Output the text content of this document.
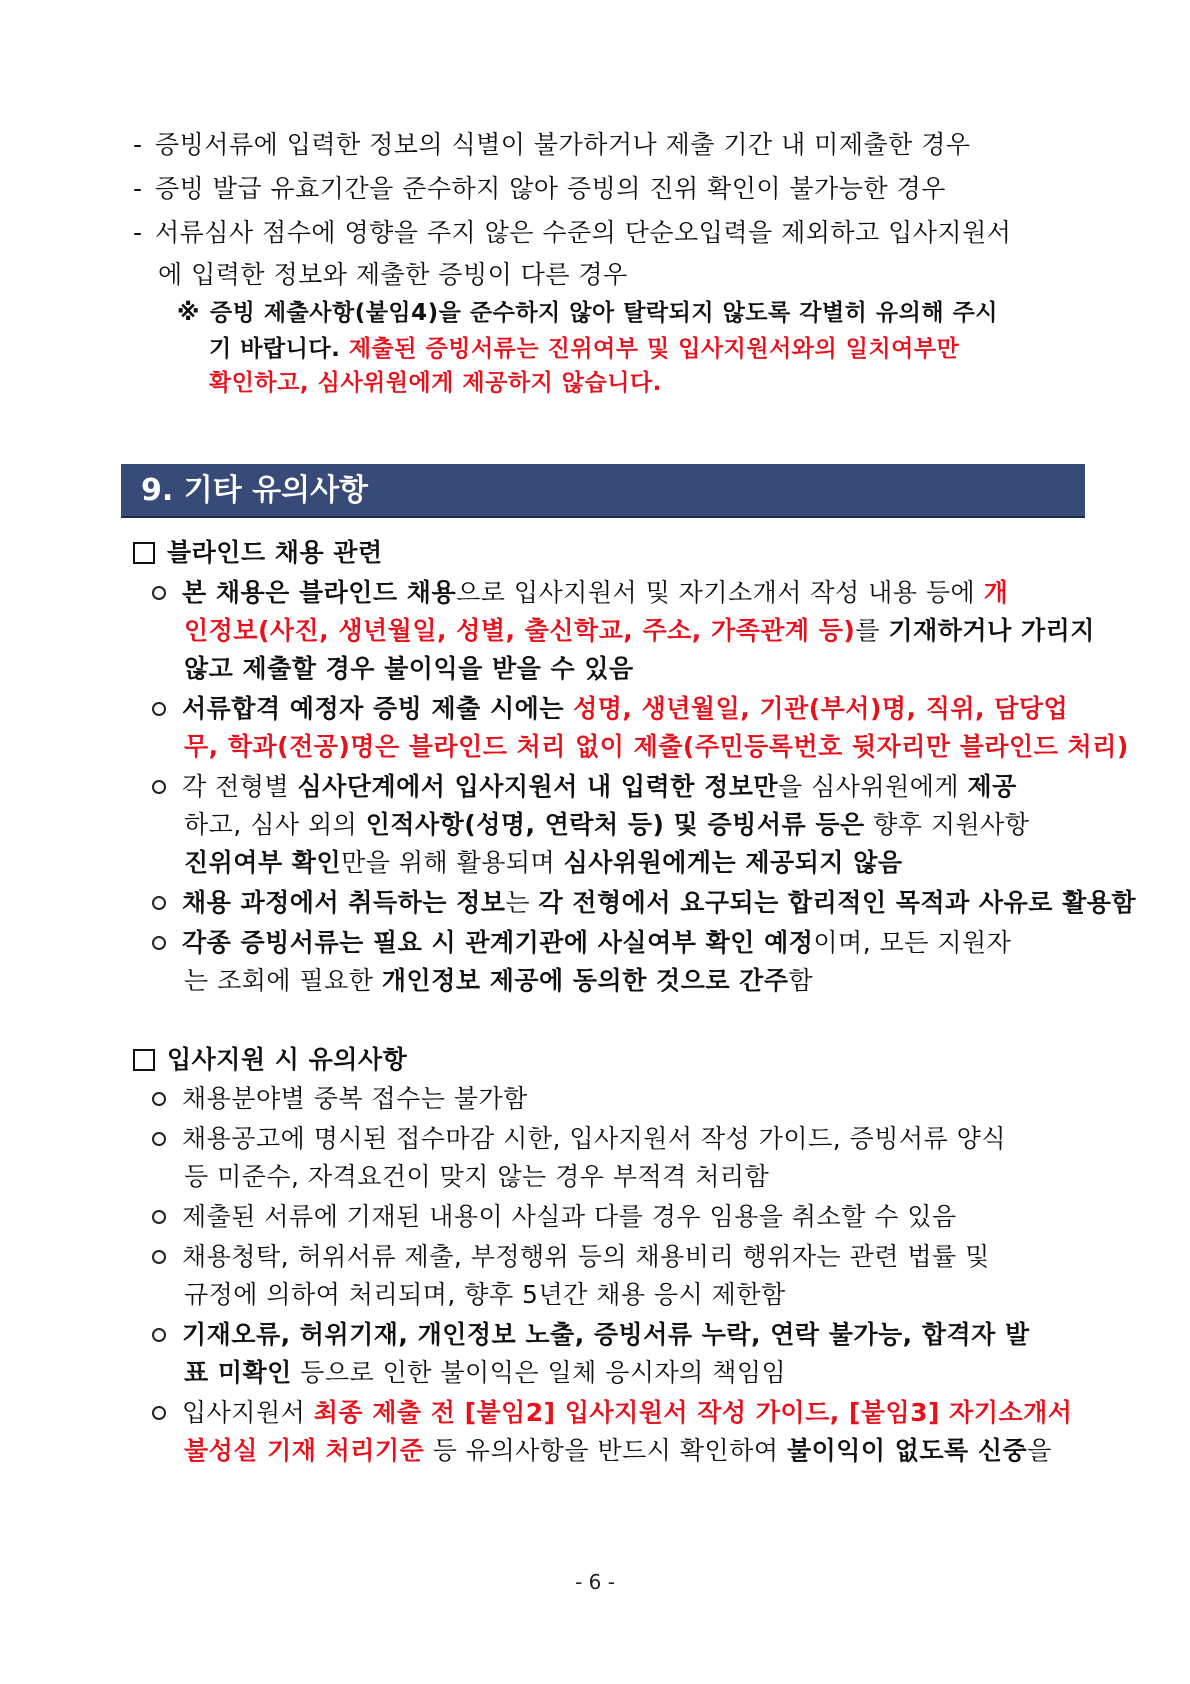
- 증빙서류에 입력한 정보의 식별이 불가하거나 제출 기간 내 미제출한 경우
- 증빙 발급 유효기간을 준수하지 않아 증빙의 진위 확인이 불가능한 경우
- 서류심사 점수에 영향을 주지 않은 수준의 단순오입력을 제외하고 입사지원서
에 입력한 정보와 제출한 증빙이 다른 경우
※ 증빙 제출사항(붙임4)을 준수하지 않아 탈락되지 않도록 각별히 유의해 주시
기 바랍니다. 제출된 증빙서류는 진위여부 및 입사지원서와의 일치여부만
확인하고, 심사위원에게 제공하지 않습니다.
9. 기타 유의사항
블라인드 채용 관련
본 채용은 블라인드 채용으로 입사지원서 및 자기소개서 작성 내용 등에 개
인정보(사진, 생년월일, 성별, 출신학교, 주소, 가족관계 등)를 기재하거나 가리지
않고 제출할 경우 불이익을 받을 수 있음
서류합격 예정자 증빙 제출 시에는 성명, 생년월일, 기관(부서)명, 직위, 담당업
무, 학과(전공)명은 블라인드 처리 없이 제출(주민등록번호 뒷자리만 블라인드 처리)
각 전형별 심사단계에서 입사지원서 내 입력한 정보만을 심사위원에게 제공
하고, 심사 외의 인적사항(성명, 연락처 등) 및 증빙서류 등은 향후 지원사항
진위여부 확인만을 위해 활용되며 심사위원에게는 제공되지 않음
채용 과정에서 취득하는 정보는 각 전형에서 요구되는 합리적인 목적과 사유로 활용함
각종 증빙서류는 필요 시 관계기관에 사실여부 확인 예정이며, 모든 지원자
는 조회에 필요한 개인정보 제공에 동의한 것으로 간주함
입사지원 시 유의사항
채용분야별 중복 접수는 불가함
채용공고에 명시된 접수마감 시한, 입사지원서 작성 가이드, 증빙서류 양식
등 미준수, 자격요건이 맞지 않는 경우 부적격 처리함
제출된 서류에 기재된 내용이 사실과 다를 경우 임용을 취소할 수 있음
채용청탁, 허위서류 제출, 부정행위 등의 채용비리 행위자는 관련 법률 및
규정에 의하여 처리되며, 향후 5년간 채용 응시 제한함
기재오류, 허위기재, 개인정보 노출, 증빙서류 누락, 연락 불가능, 합격자 발
표 미확인 등으로 인한 불이익은 일체 응시자의 책임임
입사지원서 최종 제출 전 [붙임2] 입사지원서 작성 가이드, [붙임3] 자기소개서
불성실 기재 처리기준 등 유의사항을 반드시 확인하여 불이익이 없도록 신중을
- 6 -
